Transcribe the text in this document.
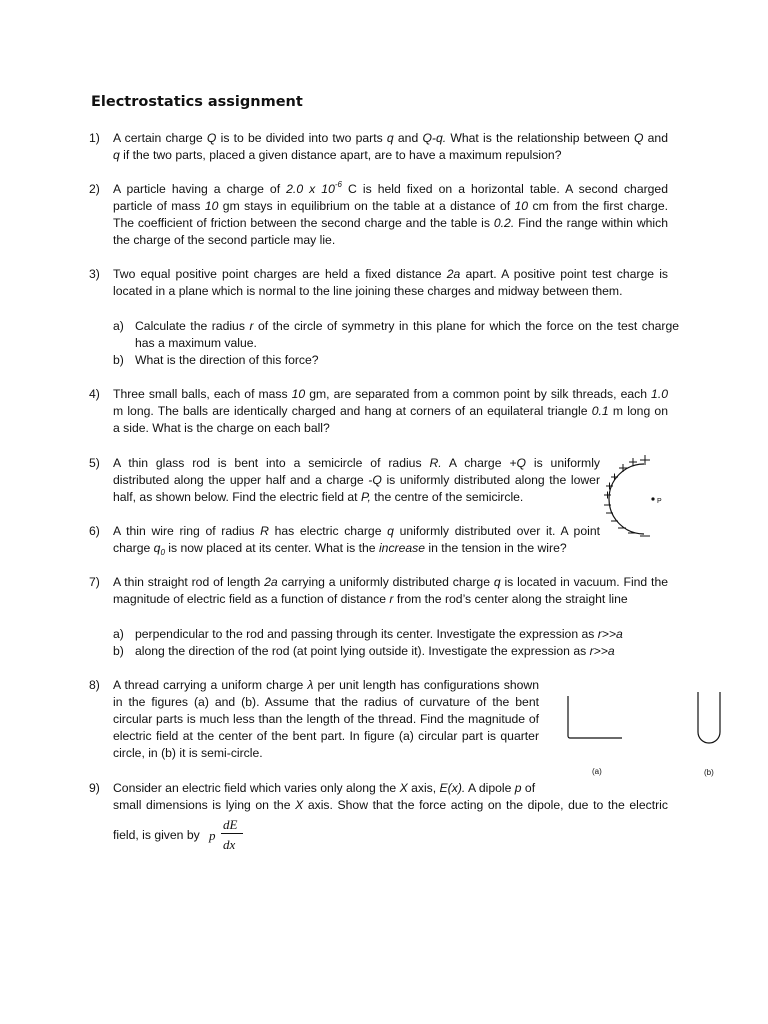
Electrostatics assignment
1)	A certain charge Q is to be divided into two parts q and Q-q. What is the relationship between Q and
q if the two parts, placed a given distance apart, are to have a maximum repulsion?
2)	A particle having a charge of 2.0 x $10^{-6}$ C is held fixed on a horizontal table. A second charged
particle of mass 10 gm stays in equilibrium on the table at a distance of 10 cm from the first charge.
The coefficient of friction between the second charge and the table is 0.2. Find the range within which
the charge of the second particle may lie.
3)	Two equal positive point charges are held a fixed distance 2a apart. A positive point test charge is
located in a plane which is normal to the line joining these charges and midway between them.
a) Calculate the radius r of the circle of symmetry in this plane for which the force on the test charge
has a maximum value.
b) What is the direction of this force?
4)	Three small balls, each of mass 10 gm, are separated from a common point by silk threads, each 1.0
m long. The balls are identically charged and hang at corners of an equilateral triangle 0.1 m long on
a side. What is the charge on each ball?
5)	A thin glass rod is bent into a semicircle of radius R. A charge +Q is uniformly
distributed along the upper half and a charge -Q is uniformly distributed along the lower
half, as shown below. Find the electric field at P, the centre of the semicircle.	P
6)	A thin wire ring of radius R has electric charge q uniformly distributed over it. A point
charge $q_0$ is now placed at its center. What is the increase in the tension in the wire?
7)	A thin straight rod of length 2a carrying a uniformly distributed charge q is located in vacuum. Find the
magnitude of electric field as a function of distance r from the rod’s center along the straight line
a) perpendicular to the rod and passing through its center. Investigate the expression as r>>a
b) along the direction of the rod (at point lying outside it). Investigate the expression as r>>a
8)	A thread carrying a uniform charge λ per unit length has configurations shown
in the figures (a) and (b). Assume that the radius of curvature of the bent
circular parts is much less than the length of the thread. Find the magnitude of
electric field at the center of the bent part. In figure (a) circular part is quarter
circle, in (b) it is semi-circle.
(a)	(b)
9)	Consider an electric field which varies only along the X axis, E(x). A dipole p of
small dimensions is lying on the X axis. Show that the force acting on the dipole, due to the electric
field, is given by p
dE
dx
